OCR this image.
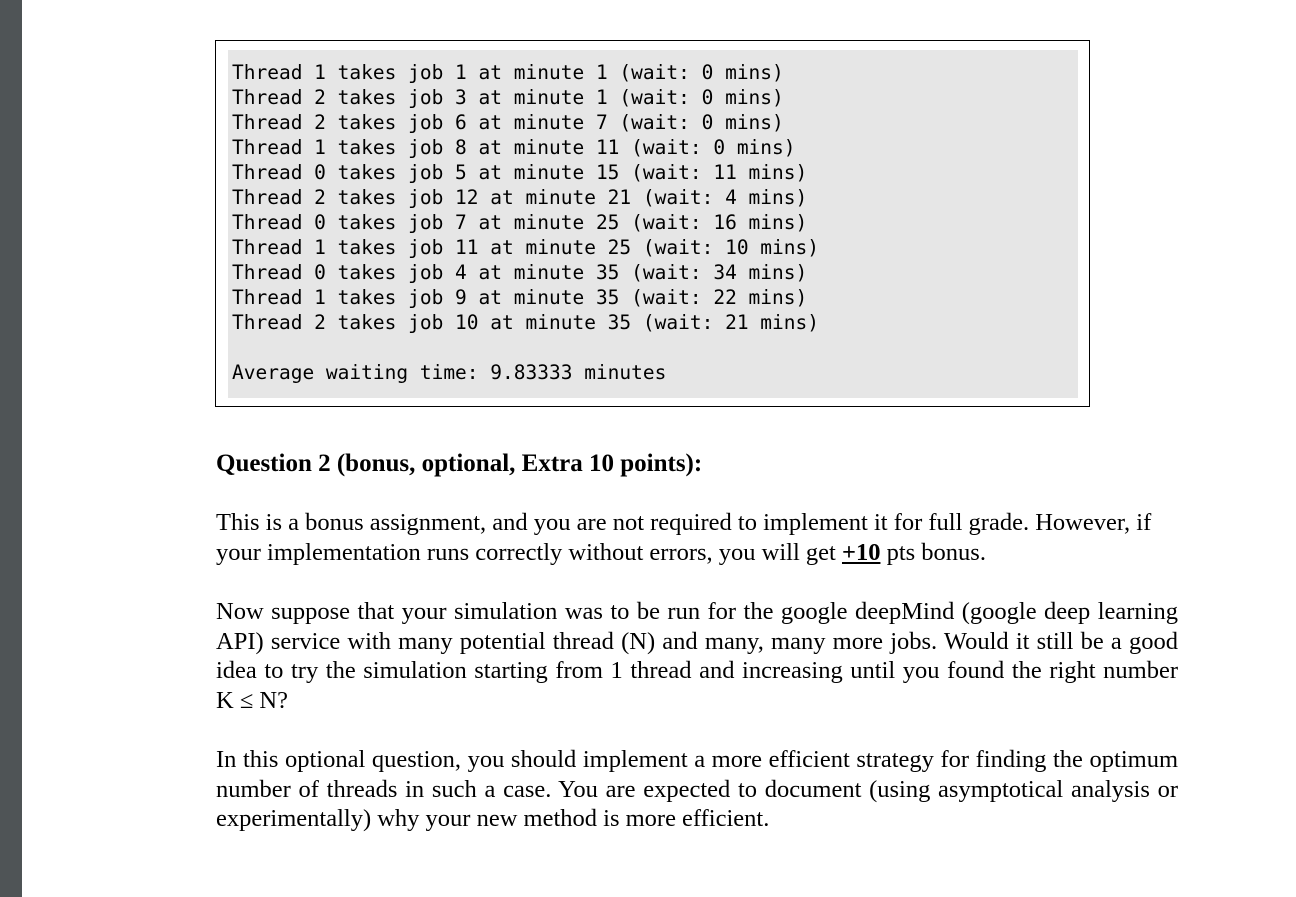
Thread 1 takes job 1 at minute 1 (wait: 0 mins)
Thread 2 takes job 3 at minute 1 (wait: 0 mins)
Thread 2 takes job 6 at minute 7 (wait: 0 mins)
Thread 1 takes job 8 at minute 11 (wait: 0 mins)
Thread 0 takes job 5 at minute 15 (wait: 11 mins)
Thread 2 takes job 12 at minute 21 (wait: 4 mins)
Thread 0 takes job 7 at minute 25 (wait: 16 mins)
Thread 1 takes job 11 at minute 25 (wait: 10 mins)
Thread 0 takes job 4 at minute 35 (wait: 34 mins)
Thread 1 takes job 9 at minute 35 (wait: 22 mins)
Thread 2 takes job 10 at minute 35 (wait: 21 mins)
Average waiting time: 9.83333 minutes
Question 2 (bonus, optional, Extra 10 points):

This is a bonus assignment, and you are not required to implement it for full grade. However, if your implementation runs correctly without errors, you will get +10 pts bonus.

Now suppose that your simulation was to be run for the google deepMind (google deep learning API) service with many potential thread (N) and many, many more jobs. Would it still be a good idea to try the simulation starting from 1 thread and increasing until you found the right number K ≤ N?

In this optional question, you should implement a more efficient strategy for finding the optimum number of threads in such a case. You are expected to document (using asymptotical analysis or experimentally) why your new method is more efficient.
